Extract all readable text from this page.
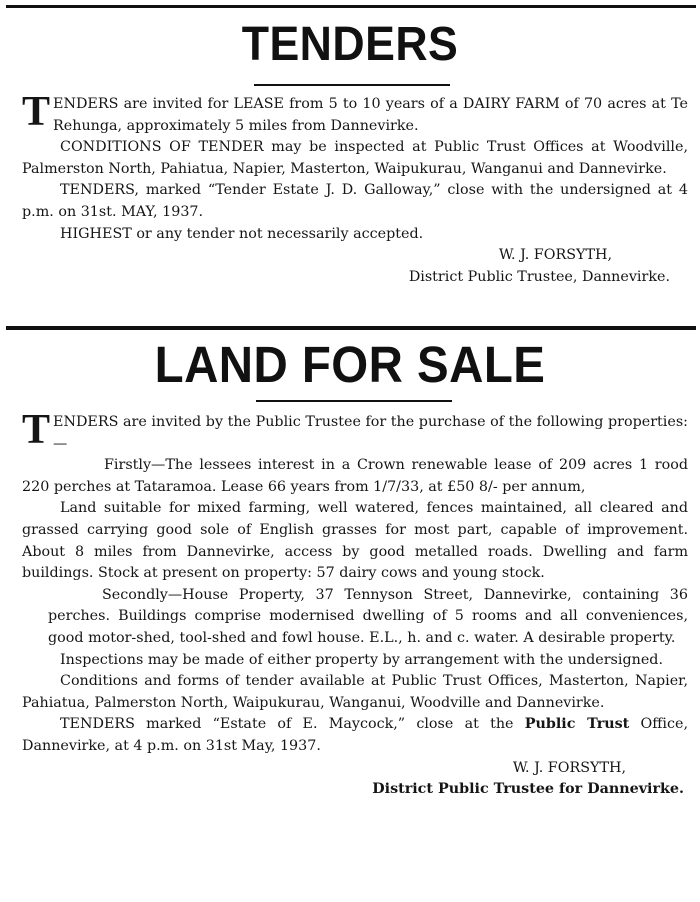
TENDERS

TENDERS are invited for LEASE from 5 to 10 years of a DAIRY FARM of 70 acres at Te Rehunga, approximately 5 miles from Dannevirke.

CONDITIONS OF TENDER may be inspected at Public Trust Offices at Woodville, Palmerston North, Pahiatua, Napier, Masterton, Waipukurau, Wanganui and Dannevirke.

TENDERS, marked “Tender Estate J. D. Galloway,” close with the undersigned at 4 p.m. on 31st. MAY, 1937.

HIGHEST or any tender not necessarily accepted.

W. J. FORSYTH,

District Public Trustee, Dannevirke.

LAND FOR SALE

TENDERS are invited by the Public Trustee for the purchase of the following properties:—

Firstly—The lessees interest in a Crown renewable lease of 209 acres 1 rood 220 perches at Tataramoa. Lease 66 years from 1/7/33, at £50 8/- per annum,

Land suitable for mixed farming, well watered, fences maintained, all cleared and grassed carrying good sole of English grasses for most part, capable of improvement. About 8 miles from Dannevirke, access by good metalled roads. Dwelling and farm buildings. Stock at present on property: 57 dairy cows and young stock.

Secondly—House Property, 37 Tennyson Street, Dannevirke, containing 36 perches. Buildings comprise modernised dwelling of 5 rooms and all conveniences, good motor-shed, tool-shed and fowl house. E.L., h. and c. water. A desirable property.

Inspections may be made of either property by arrangement with the undersigned.

Conditions and forms of tender available at Public Trust Offices, Masterton, Napier, Pahiatua, Palmerston North, Waipukurau, Wanganui, Woodville and Dannevirke.

TENDERS marked “Estate of E. Maycock,” close at the Public Trust Office, Dannevirke, at 4 p.m. on 31st May, 1937.

W. J. FORSYTH,

District Public Trustee for Dannevirke.
